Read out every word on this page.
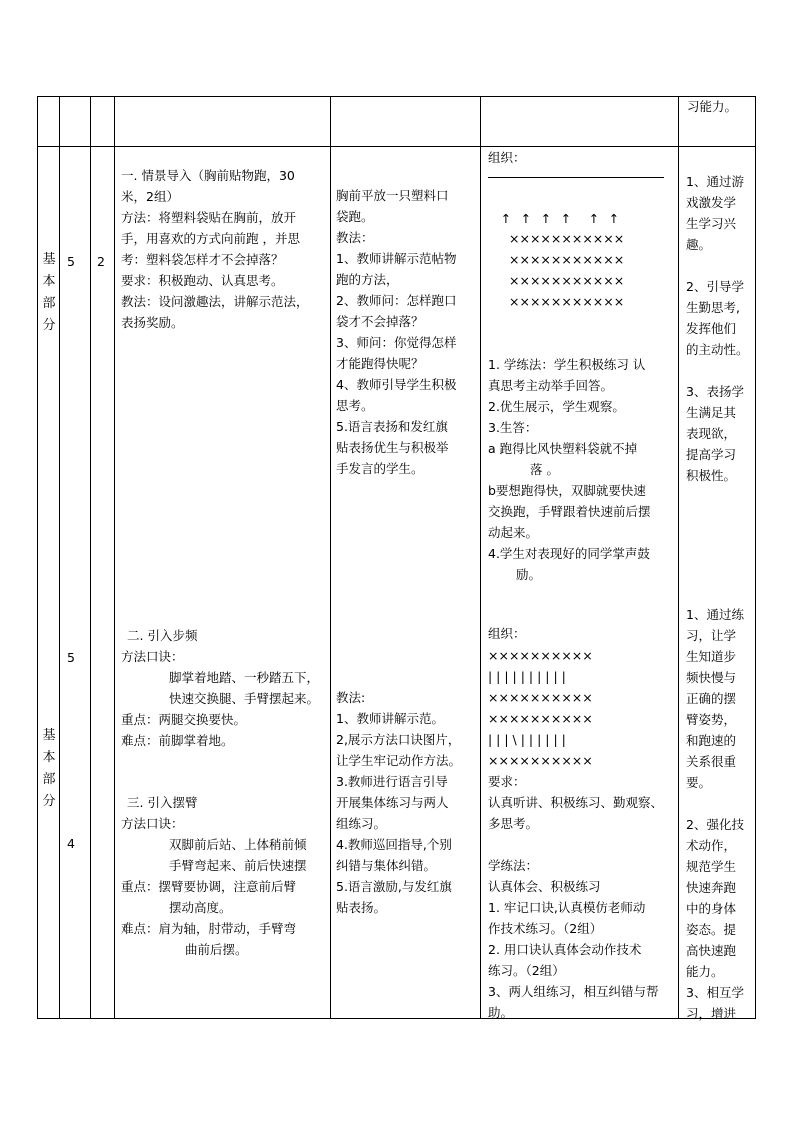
习能力。
基
本
部
分
5 2
一. 情景导入（胸前贴物跑，30
米，2组）
方法：将塑料袋贴在胸前，放开
手，用喜欢的方式向前跑 ，并思
考：塑料袋怎样才不会掉落？
要求：积极跑动、认真思考。
教法：设问激趣法，讲解示范法，
表扬奖励。
胸前平放一只塑料口
袋跑。
教法：
1、教师讲解示范帖物
跑的方法，
2、教师问：怎样跑口
袋才不会掉落？
3、师问：你觉得怎样
才能跑得快呢？
4、教师引导学生积极
思考。
5.语言表扬和发红旗
贴表扬优生与积极举
手发言的学生。
组织：
↑ ↑ ↑ ↑ ↑ ↑
×××××××××××
×××××××××××
×××××××××××
×××××××××××
1. 学练法：学生积极练习 认
真思考主动举手回答。
2.优生展示，学生观察。
3.生答：
a 跑得比风快塑料袋就不掉
落 。
b要想跑得快，双脚就要快速
交换跑，手臂跟着快速前后摆
动起来。
4.学生对表现好的同学掌声鼓
励。
1、通过游
戏激发学
生学习兴
趣。
2、引导学
生勤思考,
发挥他们
的主动性。
3、表扬学
生满足其
表现欲，
提高学习
积极性。
5
基
本
部
分
4
二. 引入步频
方法口诀：
脚掌着地踏、一秒踏五下，
快速交换腿、手臂摆起来。
重点：两腿交换要快。
难点：前脚掌着地。
三. 引入摆臂
方法口诀：
双脚前后站、上体稍前倾
手臂弯起来、前后快速摆
重点：摆臂要协调，注意前后臂
摆动高度。
难点：肩为轴，肘带动，手臂弯
曲前后摆。
教法:
1、教师讲解示范。
2,展示方法口诀图片，
让学生牢记动作方法。
3.教师进行语言引导
开展集体练习与两人
组练习。
4.教师巡回指导,个别
纠错与集体纠错。
5.语言激励,与发红旗
贴表扬。
组织：
××××××××××
| | | | | | | | | |
××××××××××
××××××××××
| | | \ | | | | | |
××××××××××
要求：
认真听讲、积极练习、勤观察、
多思考。
学练法：
认真体会、积极练习
1. 牢记口诀,认真模仿老师动
作技术练习。（2组）
2. 用口诀认真体会动作技术
练习。（2组）
3、两人组练习，相互纠错与帮
助。
1、通过练
习，让学
生知道步
频快慢与
正确的摆
臂姿势，
和跑速的
关系很重
要。
2、强化技
术动作，
规范学生
快速奔跑
中的身体
姿态。提
高快速跑
能力。
3、相互学
习，增进
